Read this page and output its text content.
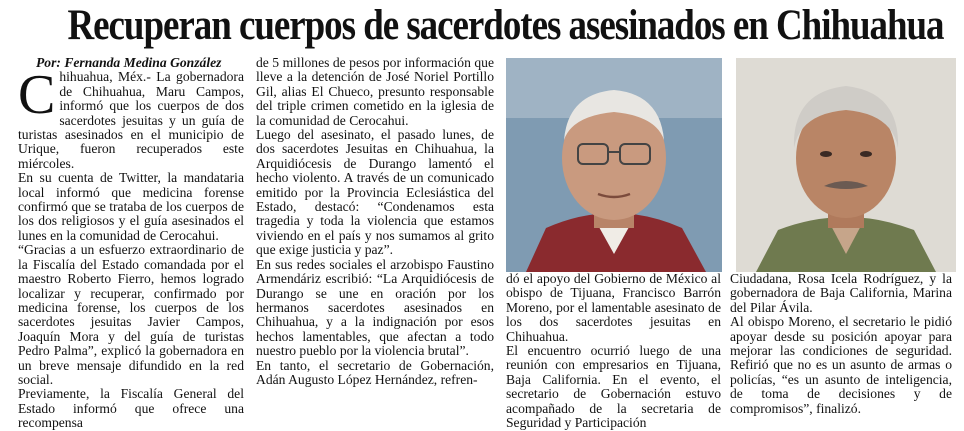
Recuperan cuerpos de sacerdotes asesinados en Chihuahua
Por: Fernanda Medina González
C hihuahua, Méx.- La gobernadora de Chihuahua, Maru Campos, informó que los cuerpos de dos sacerdotes jesuitas y un guía de turistas asesinados en el municipio de Urique, fueron recuperados este miércoles.

En su cuenta de Twitter, la mandataria local informó que medicina forense confirmó que se trataba de los cuerpos de los dos religiosos y el guía asesinados el lunes en la comunidad de Cerocahui.

“Gracias a un esfuerzo extraordinario de la Fiscalía del Estado comandada por el maestro Roberto Fierro, hemos logrado localizar y recuperar, confirmado por medicina forense, los cuerpos de los sacerdotes jesuitas Javier Campos, Joaquín Mora y del guía de turistas Pedro Palma”, explicó la gobernadora en un breve mensaje difundido en la red social.

Previamente, la Fiscalía General del Estado informó que ofrece una recompensa

de 5 millones de pesos por información que lleve a la detención de José Noriel Portillo Gil, alias El Chueco, presunto responsable del triple crimen cometido en la iglesia de la comunidad de Cerocahui.

Luego del asesinato, el pasado lunes, de dos sacerdotes Jesuitas en Chihuahua, la Arquidiócesis de Durango lamentó el hecho violento. A través de un comunicado emitido por la Provincia Eclesiástica del Estado, destacó: “Condenamos esta tragedia y toda la violencia que estamos viviendo en el país y nos sumamos al grito que exige justicia y paz”.

En sus redes sociales el arzobispo Faustino Armendáriz escribió: “La Arquidiócesis de Durango se une en oración por los hermanos sacerdotes asesinados en Chihuahua, y a la indignación por esos hechos lamentables, que afectan a todo nuestro pueblo por la violencia brutal”.

En tanto, el secretario de Gobernación, Adán Augusto López Hernández, refren-

dó el apoyo del Gobierno de México al obispo de Tijuana, Francisco Barrón Moreno, por el lamentable asesinato de los dos sacerdotes jesuitas en Chihuahua.

El encuentro ocurrió luego de una reunión con empresarios en Tijuana, Baja California. En el evento, el secretario de Gobernación estuvo acompañado de la secretaria de Seguridad y Participación

Ciudadana, Rosa Icela Rodríguez, y la gobernadora de Baja California, Marina del Pilar Ávila.

Al obispo Moreno, el secretario le pidió apoyar desde su posición apoyar para mejorar las condiciones de seguridad. Refirió que no es un asunto de armas o policías, “es un asunto de inteligencia, de toma de decisiones y de compromisos”, finalizó.
